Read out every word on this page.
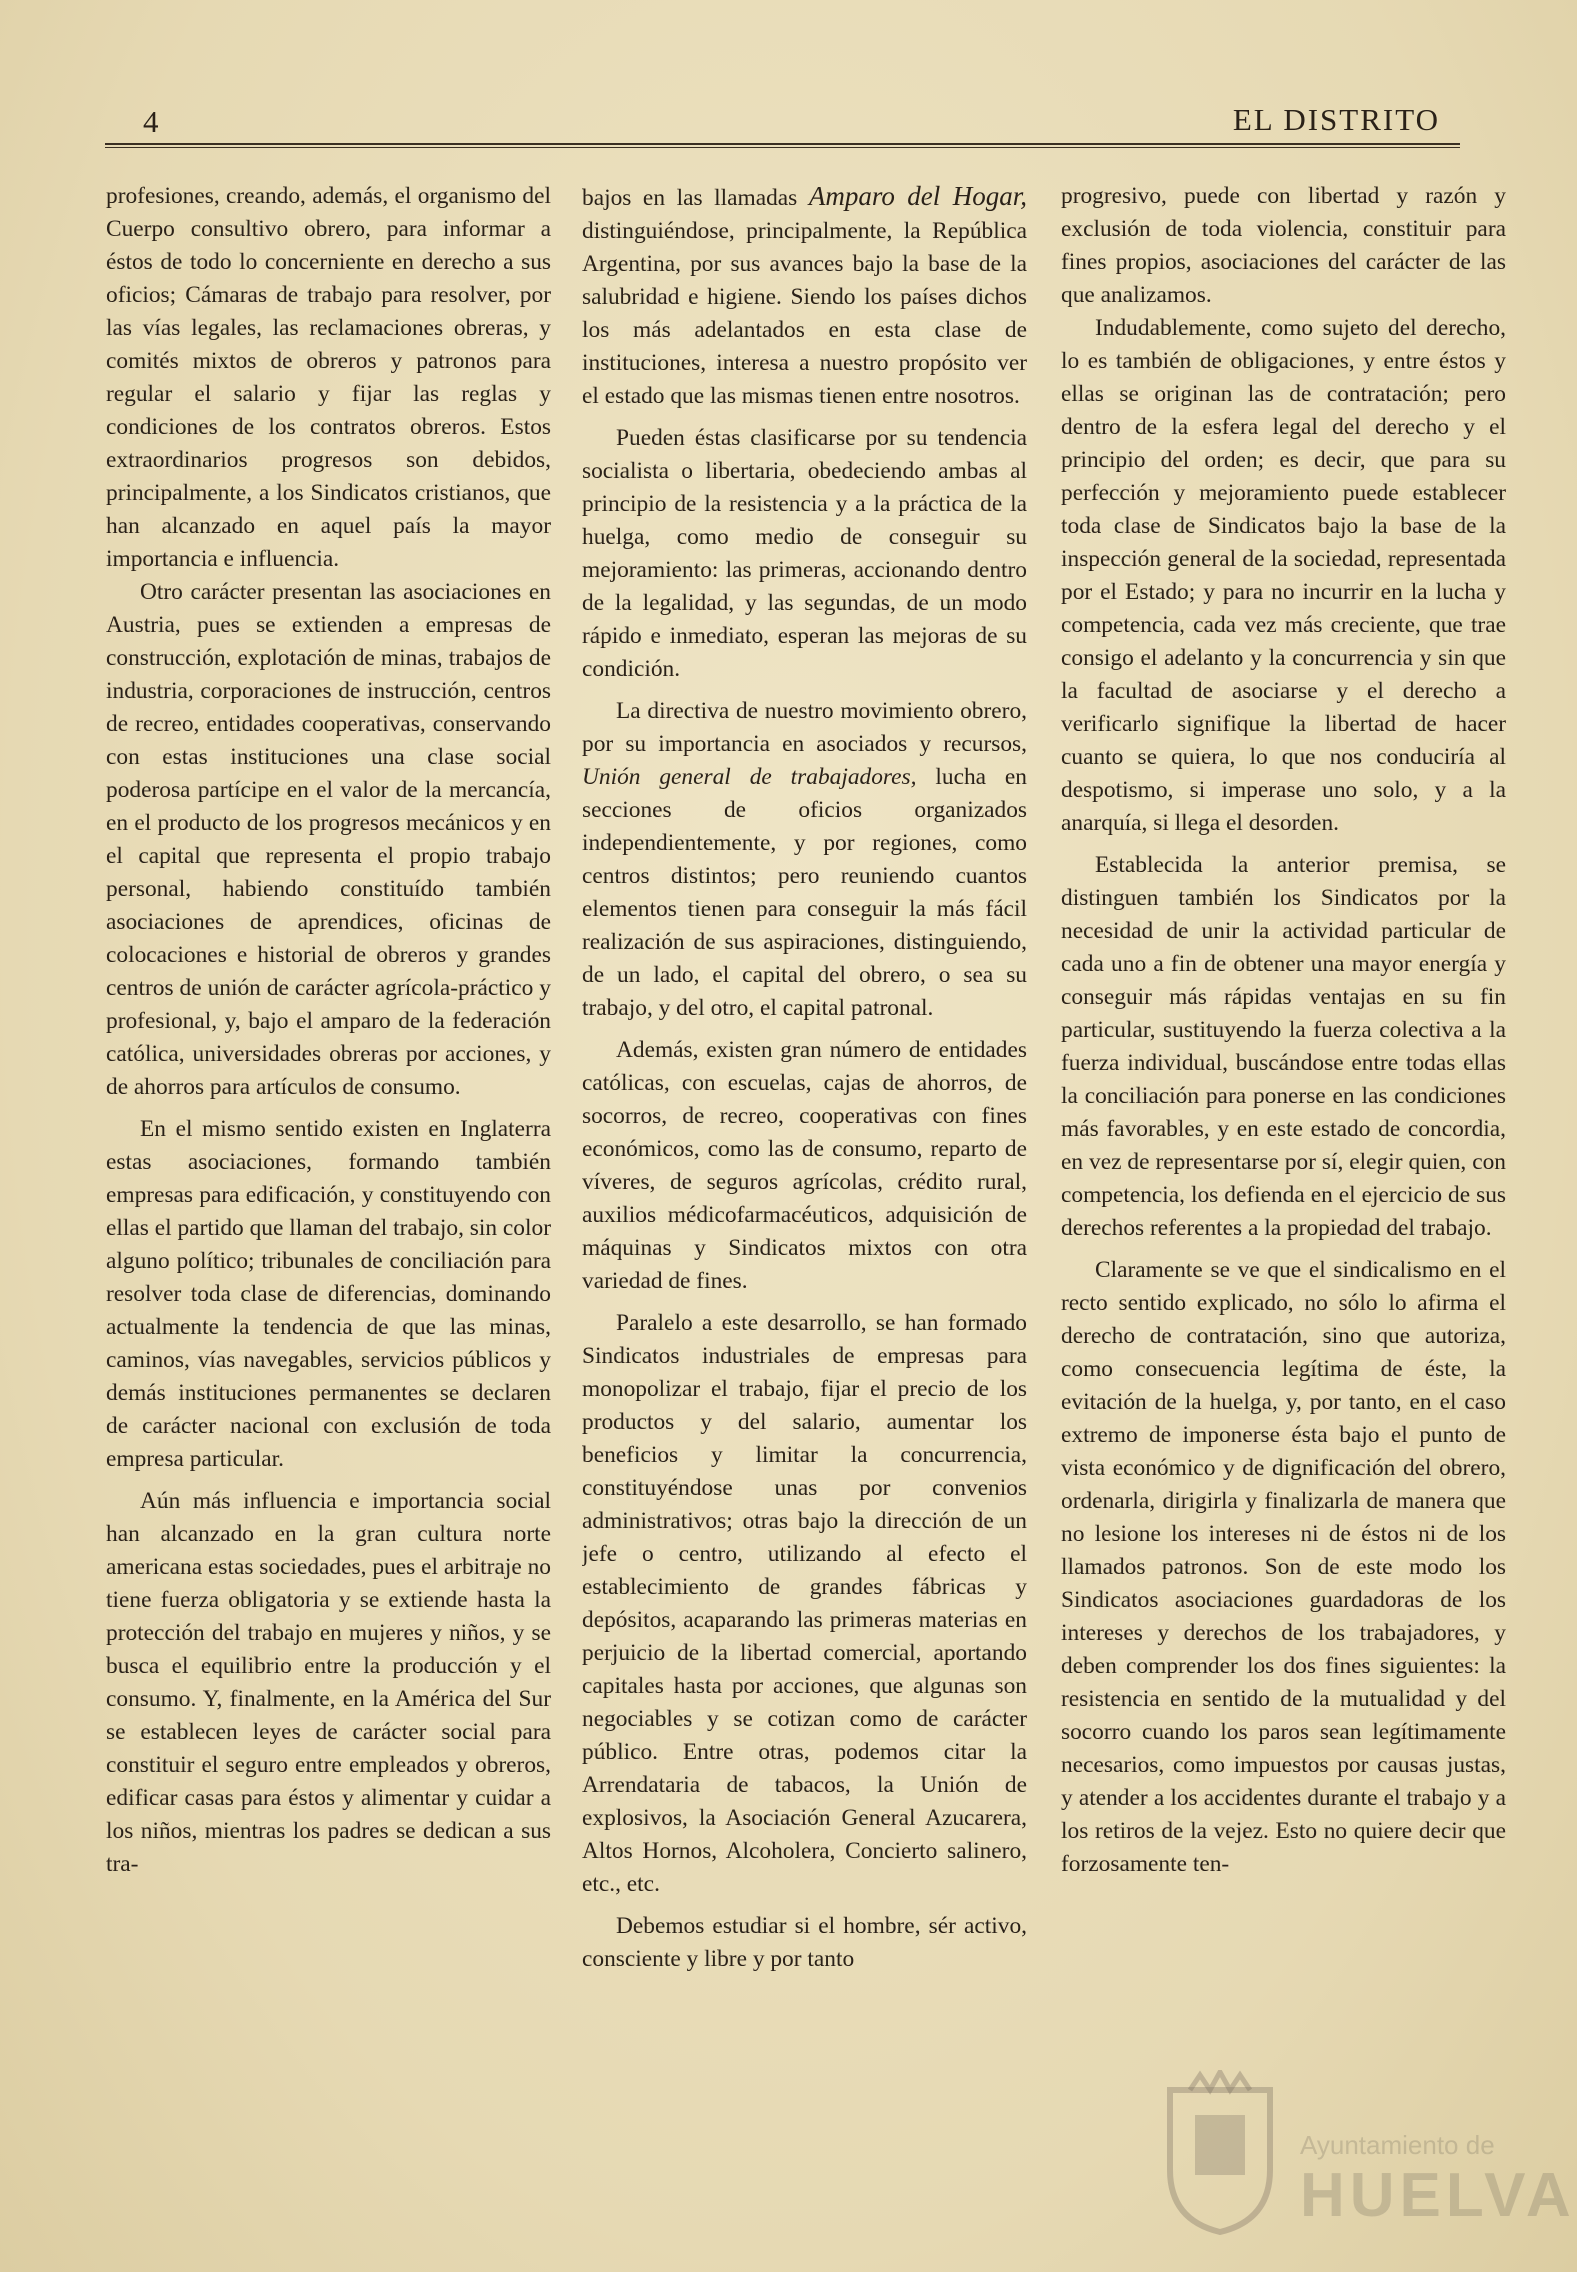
4	EL DISTRITO

profesiones, creando, además, el organismo del Cuerpo consultivo obrero, para informar a éstos de todo lo concerniente en derecho a sus oficios; Cámaras de trabajo para resolver, por las vías legales, las reclamaciones obreras, y comités mixtos de obreros y patronos para regular el salario y fijar las reglas y condiciones de los contratos obreros. Estos extraordinarios progresos son debidos, principalmente, a los Sindicatos cristianos, que han alcanzado en aquel país la mayor importancia e influencia.

Otro carácter presentan las asociaciones en Austria, pues se extienden a empresas de construcción, explotación de minas, trabajos de industria, corporaciones de instrucción, centros de recreo, entidades cooperativas, conservando con estas instituciones una clase social poderosa partícipe en el valor de la mercancía, en el producto de los progresos mecánicos y en el capital que representa el propio trabajo personal, habiendo constituído también asociaciones de aprendices, oficinas de colocaciones e historial de obreros y grandes centros de unión de carácter agrícola-práctico y profesional, y, bajo el amparo de la federación católica, universidades obreras por acciones, y de ahorros para artículos de consumo.

En el mismo sentido existen en Inglaterra estas asociaciones, formando también empresas para edificación, y constituyendo con ellas el partido que llaman del trabajo, sin color alguno político; tribunales de conciliación para resolver toda clase de diferencias, dominando actualmente la tendencia de que las minas, caminos, vías navegables, servicios públicos y demás instituciones permanentes se declaren de carácter nacional con exclusión de toda empresa particular.

Aún más influencia e importancia social han alcanzado en la gran cultura norte americana estas sociedades, pues el arbitraje no tiene fuerza obligatoria y se extiende hasta la protección del trabajo en mujeres y niños, y se busca el equilibrio entre la producción y el consumo. Y, finalmente, en la América del Sur se establecen leyes de carácter social para constituir el seguro entre empleados y obreros, edificar casas para éstos y alimentar y cuidar a los niños, mientras los padres se dedican a sus tra-

bajos en las llamadas Amparo del Hogar, distinguiéndose, principalmente, la República Argentina, por sus avances bajo la base de la salubridad e higiene. Siendo los países dichos los más adelantados en esta clase de instituciones, interesa a nuestro propósito ver el estado que las mismas tienen entre nosotros.

Pueden éstas clasificarse por su tendencia socialista o libertaria, obedeciendo ambas al principio de la resistencia y a la práctica de la huelga, como medio de conseguir su mejoramiento: las primeras, accionando dentro de la legalidad, y las segundas, de un modo rápido e inmediato, esperan las mejoras de su condición.

La directiva de nuestro movimiento obrero, por su importancia en asociados y recursos, Unión general de trabajadores, lucha en secciones de oficios organizados independientemente, y por regiones, como centros distintos; pero reuniendo cuantos elementos tienen para conseguir la más fácil realización de sus aspiraciones, distinguiendo, de un lado, el capital del obrero, o sea su trabajo, y del otro, el capital patronal.

Además, existen gran número de entidades católicas, con escuelas, cajas de ahorros, de socorros, de recreo, cooperativas con fines económicos, como las de consumo, reparto de víveres, de seguros agrícolas, crédito rural, auxilios médicofarmacéuticos, adquisición de máquinas y Sindicatos mixtos con otra variedad de fines.

Paralelo a este desarrollo, se han formado Sindicatos industriales de empresas para monopolizar el trabajo, fijar el precio de los productos y del salario, aumentar los beneficios y limitar la concurrencia, constituyéndose unas por convenios administrativos; otras bajo la dirección de un jefe o centro, utilizando al efecto el establecimiento de grandes fábricas y depósitos, acaparando las primeras materias en perjuicio de la libertad comercial, aportando capitales hasta por acciones, que algunas son negociables y se cotizan como de carácter público. Entre otras, podemos citar la Arrendataria de tabacos, la Unión de explosivos, la Asociación General Azucarera, Altos Hornos, Alcoholera, Concierto salinero, etc., etc.

Debemos estudiar si el hombre, sér activo, consciente y libre y por tanto

progresivo, puede con libertad y razón y exclusión de toda violencia, constituir para fines propios, asociaciones del carácter de las que analizamos.

Indudablemente, como sujeto del derecho, lo es también de obligaciones, y entre éstos y ellas se originan las de contratación; pero dentro de la esfera legal del derecho y el principio del orden; es decir, que para su perfección y mejoramiento puede establecer toda clase de Sindicatos bajo la base de la inspección general de la sociedad, representada por el Estado; y para no incurrir en la lucha y competencia, cada vez más creciente, que trae consigo el adelanto y la concurrencia y sin que la facultad de asociarse y el derecho a verificarlo signifique la libertad de hacer cuanto se quiera, lo que nos conduciría al despotismo, si imperase uno solo, y a la anarquía, si llega el desorden.

Establecida la anterior premisa, se distinguen también los Sindicatos por la necesidad de unir la actividad particular de cada uno a fin de obtener una mayor energía y conseguir más rápidas ventajas en su fin particular, sustituyendo la fuerza colectiva a la fuerza individual, buscándose entre todas ellas la conciliación para ponerse en las condiciones más favorables, y en este estado de concordia, en vez de representarse por sí, elegir quien, con competencia, los defienda en el ejercicio de sus derechos referentes a la propiedad del trabajo.

Claramente se ve que el sindicalismo en el recto sentido explicado, no sólo lo afirma el derecho de contratación, sino que autoriza, como consecuencia legítima de éste, la evitación de la huelga, y, por tanto, en el caso extremo de imponerse ésta bajo el punto de vista económico y de dignificación del obrero, ordenarla, dirigirla y finalizarla de manera que no lesione los intereses ni de éstos ni de los llamados patronos. Son de este modo los Sindicatos asociaciones guardadoras de los intereses y derechos de los trabajadores, y deben comprender los dos fines siguientes: la resistencia en sentido de la mutualidad y del socorro cuando los paros sean legítimamente necesarios, como impuestos por causas justas, y atender a los accidentes durante el trabajo y a los retiros de la vejez. Esto no quiere decir que forzosamente ten-

Ayuntamiento de
HUELVA
